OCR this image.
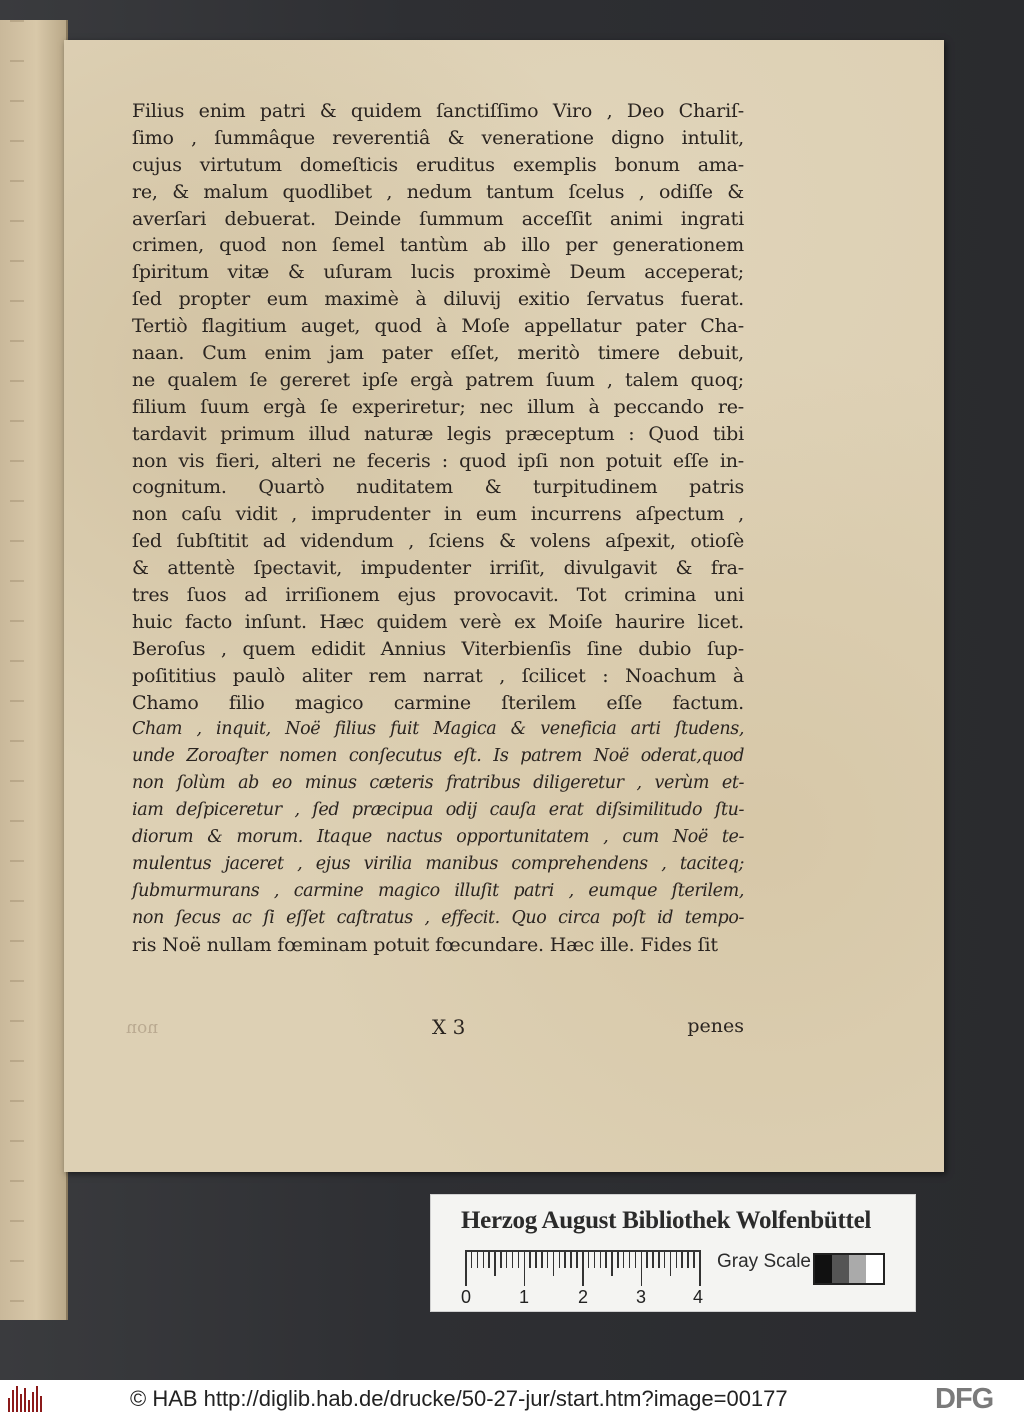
non
Filius enim patri & quidem ſanctiſſimo Viro , Deo Chariſ-
ſimo , ſummâque reverentiâ & veneratione digno intulit,
cujus virtutum domeſticis eruditus exemplis bonum ama-
re, & malum quodlibet , nedum tantum ſcelus , odiſſe &
averſari debuerat. Deinde ſummum acceſſit animi ingrati
crimen, quod non ſemel tantùm ab illo per generationem
ſpiritum vitæ & uſuram lucis proximè Deum acceperat;
ſed propter eum maximè à diluvij exitio ſervatus fuerat.
Tertiò flagitium auget, quod à Moſe appellatur pater Cha-
naan. Cum enim jam pater eſſet, meritò timere debuit,
ne qualem ſe gereret ipſe ergà patrem ſuum , talem quoq;
filium ſuum ergà ſe experiretur; nec illum à peccando re-
tardavit primum illud naturæ legis præceptum : Quod tibi
non vis fieri, alteri ne feceris : quod ipſi non potuit eſſe in-
cognitum. Quartò nuditatem & turpitudinem patris
non caſu vidit , imprudenter in eum incurrens aſpectum ,
ſed ſubſtitit ad videndum , ſciens & volens aſpexit, otioſè
& attentè ſpectavit, impudenter irriſit, divulgavit & fra-
tres ſuos ad irriſionem ejus provocavit. Tot crimina uni
huic facto inſunt. Hæc quidem verè ex Moiſe haurire licet.
Beroſus , quem edidit Annius Viterbienſis ſine dubio ſup-
poſititius paulò aliter rem narrat , ſcilicet : Noachum à
Chamo filio magico carmine ſterilem eſſe factum.
Cham , inquit, Noë filius fuit Magica & veneficia arti ſtudens,
unde Zoroaſter nomen conſecutus eſt. Is patrem Noë oderat,quod
non ſolùm ab eo minus cæteris fratribus diligeretur , verùm et-
iam deſpiceretur , ſed præcipua odij cauſa erat diſsimilitudo ſtu-
diorum & morum. Itaque nactus opportunitatem , cum Noë te-
mulentus jaceret , ejus virilia manibus comprehendens , taciteq;
ſubmurmurans , carmine magico illuſit patri , eumque ſterilem,
non ſecus ac ſi eſſet caſtratus , effecit. Quo circa poſt id tempo-
ris Noë nullam fœminam potuit fœcundare. Hæc ille. Fides ſit
X 3	penes
Herzog August Bibliothek Wolfenbüttel
0	1	2	3	4
Gray Scale
© HAB http://diglib.hab.de/drucke/50-27-jur/start.htm?image=00177	DFG
